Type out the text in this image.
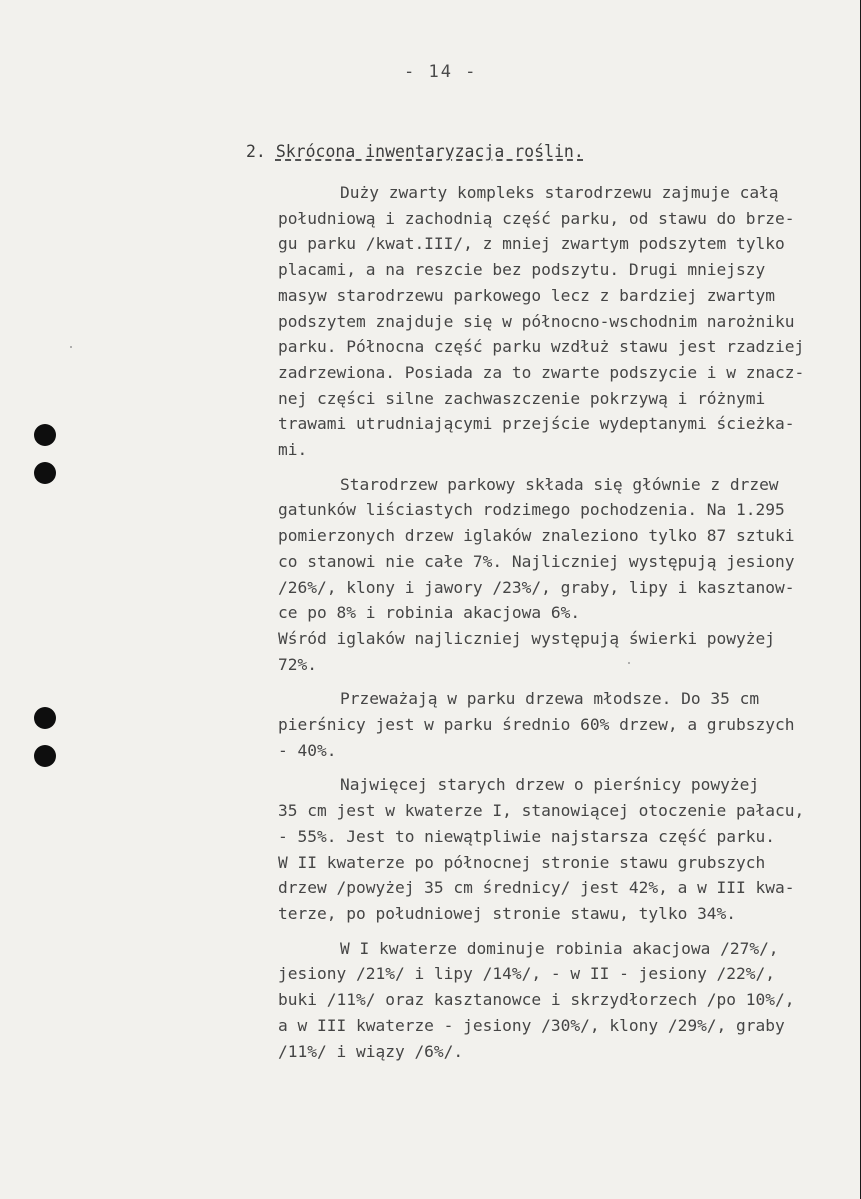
- 14 -
2. Skrócona inwentaryzacja roślin.
Duży zwarty kompleks starodrzewu zajmuje całą
południową i zachodnią część parku, od stawu do brze-
gu parku /kwat.III/, z mniej zwartym podszytem tylko
placami, a na reszcie bez podszytu. Drugi mniejszy
masyw starodrzewu parkowego lecz z bardziej zwartym
podszytem znajduje się w północno-wschodnim narożniku
parku. Północna część parku wzdłuż stawu jest rzadziej
zadrzewiona. Posiada za to zwarte podszycie i w znacz-
nej części silne zachwaszczenie pokrzywą i różnymi
trawami utrudniającymi przejście wydeptanymi ścieżka-
mi.
Starodrzew parkowy składa się głównie z drzew
gatunków liściastych rodzimego pochodzenia. Na 1.295
pomierzonych drzew iglaków znaleziono tylko 87 sztuki
co stanowi nie całe 7%. Najliczniej występują jesiony
/26%/, klony i jawory /23%/, graby, lipy i kasztanow-
ce po 8% i robinia akacjowa 6%.
Wśród iglaków najliczniej występują świerki powyżej
72%.
Przeważają w parku drzewa młodsze. Do 35 cm
pierśnicy jest w parku średnio 60% drzew, a grubszych
- 40%.
Najwięcej starych drzew o pierśnicy powyżej
35 cm jest w kwaterze I, stanowiącej otoczenie pałacu,
- 55%. Jest to niewątpliwie najstarsza część parku.
W II kwaterze po północnej stronie stawu grubszych
drzew /powyżej 35 cm średnicy/ jest 42%, a w III kwa-
terze, po południowej stronie stawu, tylko 34%.
W I kwaterze dominuje robinia akacjowa /27%/,
jesiony /21%/ i lipy /14%/, - w II - jesiony /22%/,
buki /11%/ oraz kasztanowce i skrzydłorzech /po 10%/,
a w III kwaterze - jesiony /30%/, klony /29%/, graby
/11%/ i wiązy /6%/.
